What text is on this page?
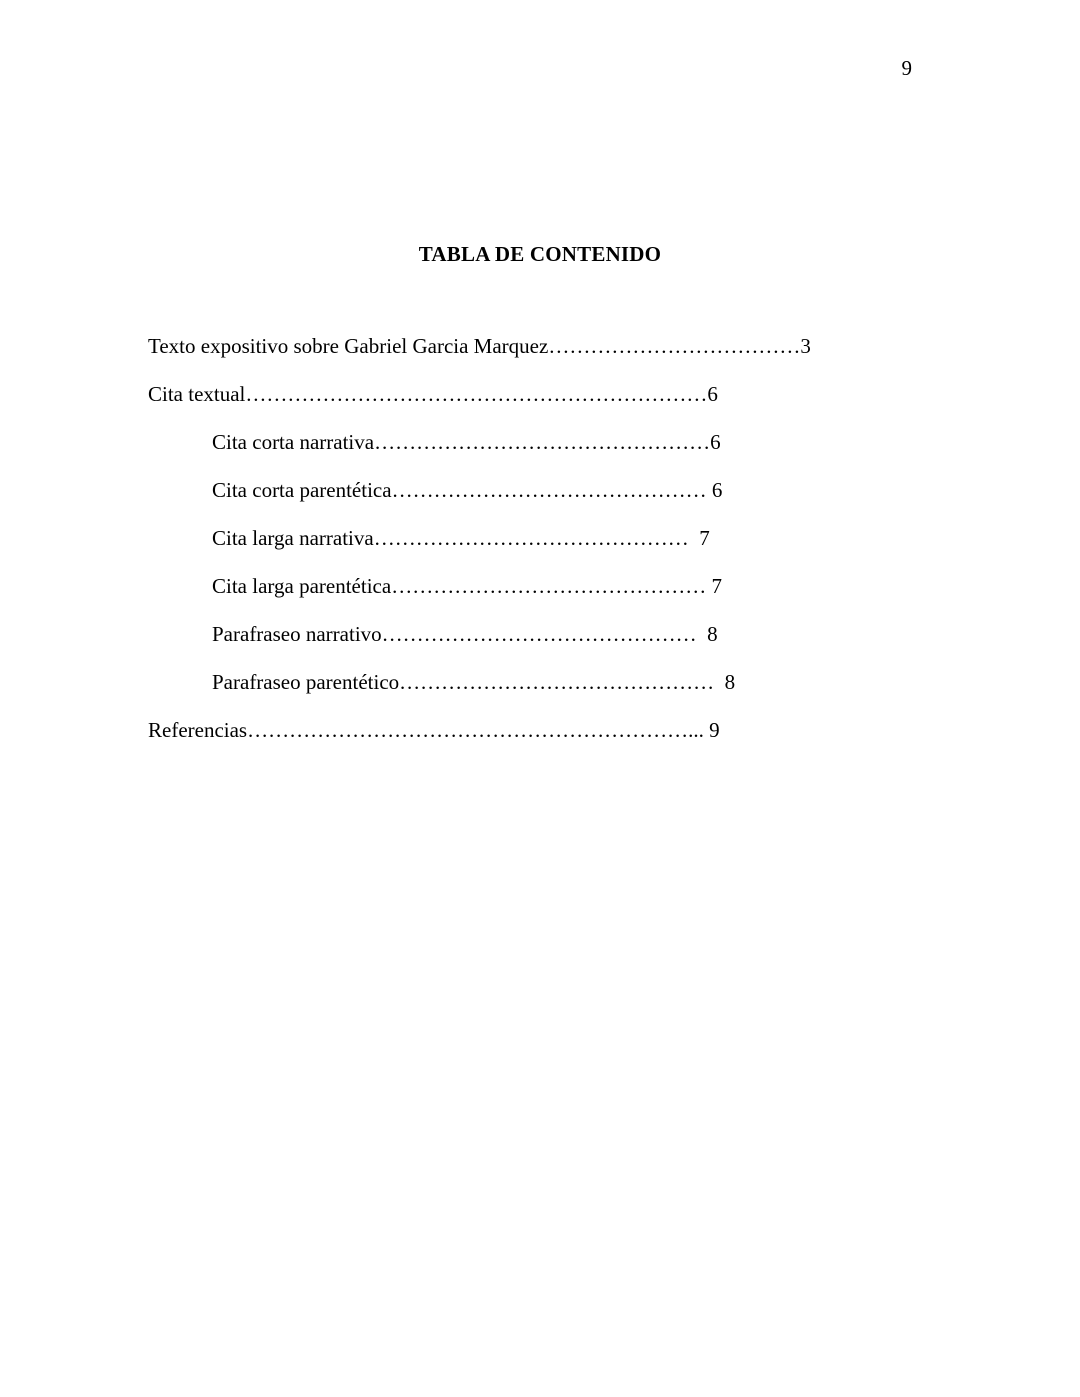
9
TABLA DE CONTENIDO
Texto expositivo sobre Gabriel Garcia Marquez………………………………3
Cita textual…………………………………………………………6
Cita corta narrativa…………………………………………6
Cita corta parentética……………………………………… 6
Cita larga narrativa………………………………………  7
Cita larga parentética……………………………………… 7
Parafraseo narrativo………………………………………  8
Parafraseo parentético………………………………………  8
Referencias………………………………………………………... 9
